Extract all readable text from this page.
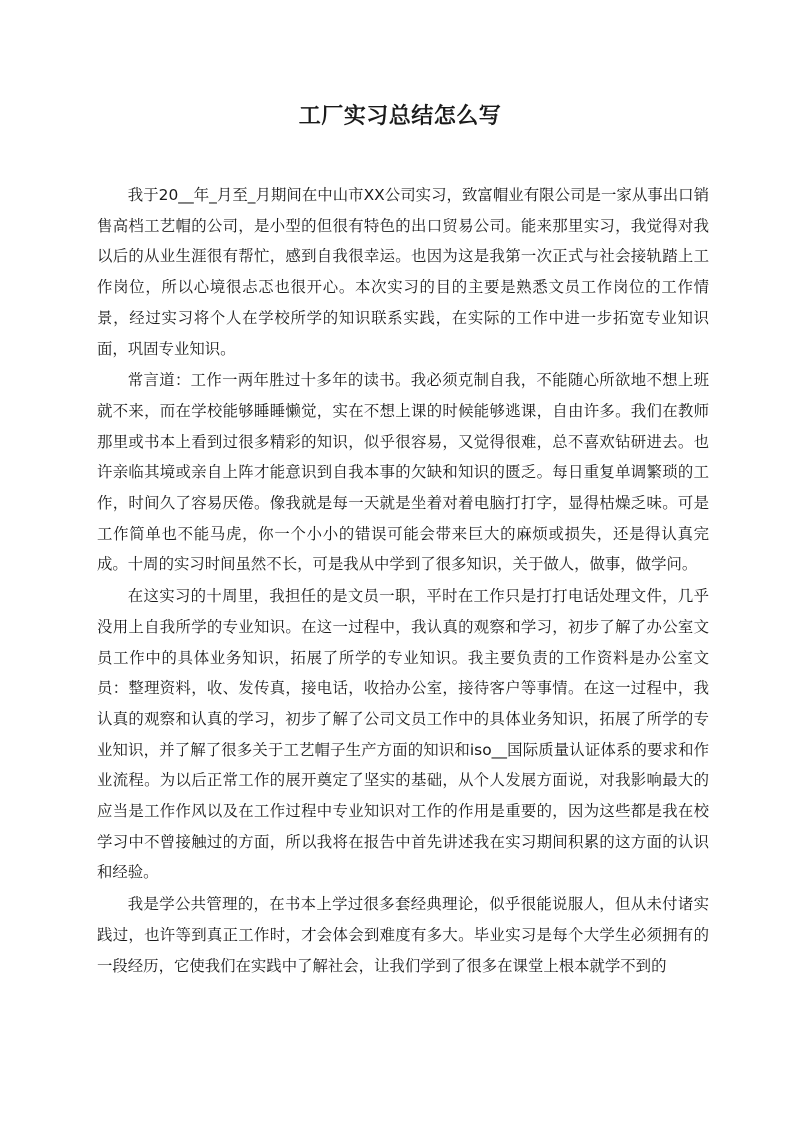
工厂实习总结怎么写

我于20__年_月至_月期间在中山市XX公司实习，致富帽业有限公司是一家从事出口销售高档工艺帽的公司，是小型的但很有特色的出口贸易公司。能来那里实习，我觉得对我以后的从业生涯很有帮忙，感到自我很幸运。也因为这是我第一次正式与社会接轨踏上工作岗位，所以心境很忐忑也很开心。本次实习的目的主要是熟悉文员工作岗位的工作情景，经过实习将个人在学校所学的知识联系实践，在实际的工作中进一步拓宽专业知识面，巩固专业知识。

常言道：工作一两年胜过十多年的读书。我必须克制自我，不能随心所欲地不想上班就不来，而在学校能够睡睡懒觉，实在不想上课的时候能够逃课，自由许多。我们在教师那里或书本上看到过很多精彩的知识，似乎很容易，又觉得很难，总不喜欢钻研进去。也许亲临其境或亲自上阵才能意识到自我本事的欠缺和知识的匮乏。每日重复单调繁琐的工作，时间久了容易厌倦。像我就是每一天就是坐着对着电脑打打字，显得枯燥乏味。可是工作简单也不能马虎，你一个小小的错误可能会带来巨大的麻烦或损失，还是得认真完成。十周的实习时间虽然不长，可是我从中学到了很多知识，关于做人，做事，做学问。

在这实习的十周里，我担任的是文员一职，平时在工作只是打打电话处理文件，几乎没用上自我所学的专业知识。在这一过程中，我认真的观察和学习，初步了解了办公室文员工作中的具体业务知识，拓展了所学的专业知识。我主要负责的工作资料是办公室文员：整理资料，收、发传真，接电话，收拾办公室，接待客户等事情。在这一过程中，我认真的观察和认真的学习，初步了解了公司文员工作中的具体业务知识，拓展了所学的专业知识，并了解了很多关于工艺帽子生产方面的知识和iso__国际质量认证体系的要求和作业流程。为以后正常工作的展开奠定了坚实的基础，从个人发展方面说，对我影响最大的应当是工作作风以及在工作过程中专业知识对工作的作用是重要的，因为这些都是我在校学习中不曾接触过的方面，所以我将在报告中首先讲述我在实习期间积累的这方面的认识和经验。

我是学公共管理的，在书本上学过很多套经典理论，似乎很能说服人，但从未付诸实践过，也许等到真正工作时，才会体会到难度有多大。毕业实习是每个大学生必须拥有的一段经历，它使我们在实践中了解社会，让我们学到了很多在课堂上根本就学不到的
